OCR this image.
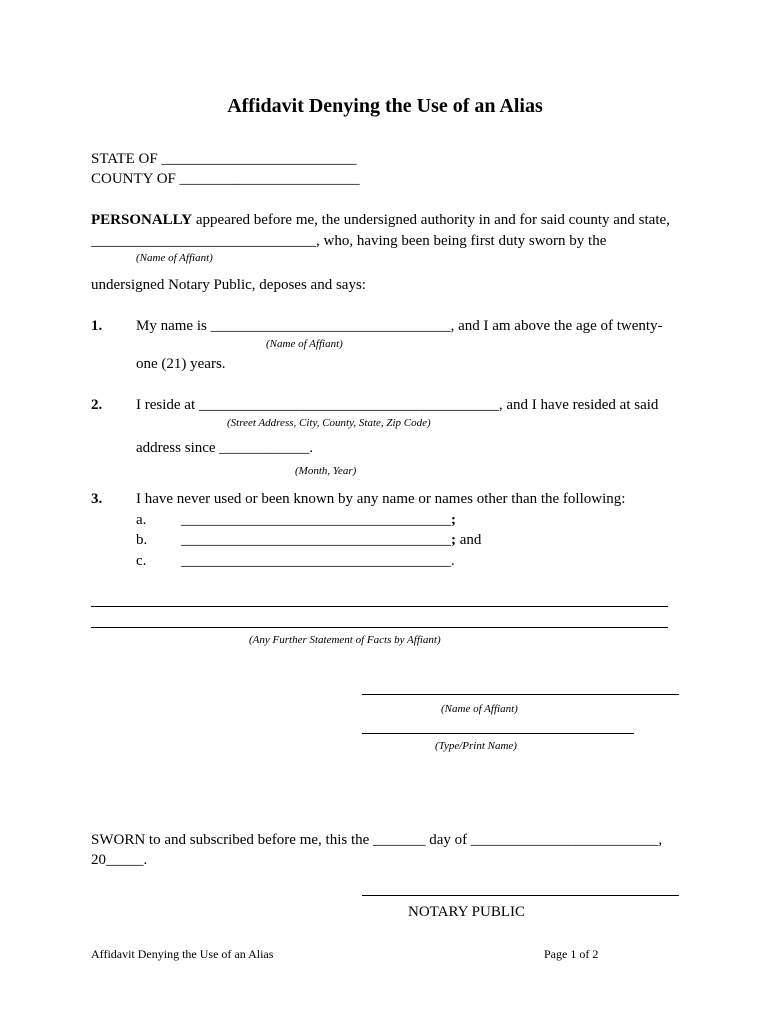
Affidavit Denying the Use of an Alias
STATE OF __________________________
COUNTY OF ________________________
PERSONALLY appeared before me, the undersigned authority in and for said county and state,
______________________________, who, having been being first duty sworn by the
(Name of Affiant)
undersigned Notary Public, deposes and says:
1. My name is ________________________________, and I am above the age of twenty-
(Name of Affiant)
one (21) years.
2. I reside at ________________________________________, and I have resided at said
(Street Address, City, County, State, Zip Code)
address since ____________.
(Month, Year)
3. I have never used or been known by any name or names other than the following:
a. ____________________________________;
b. ____________________________________; and
c. ____________________________________.
(Any Further Statement of Facts by Affiant)
(Name of Affiant)
(Type/Print Name)
SWORN to and subscribed before me, this the _______ day of _________________________,
20_____.
NOTARY PUBLIC
Affidavit Denying the Use of an Alias	Page 1 of 2
